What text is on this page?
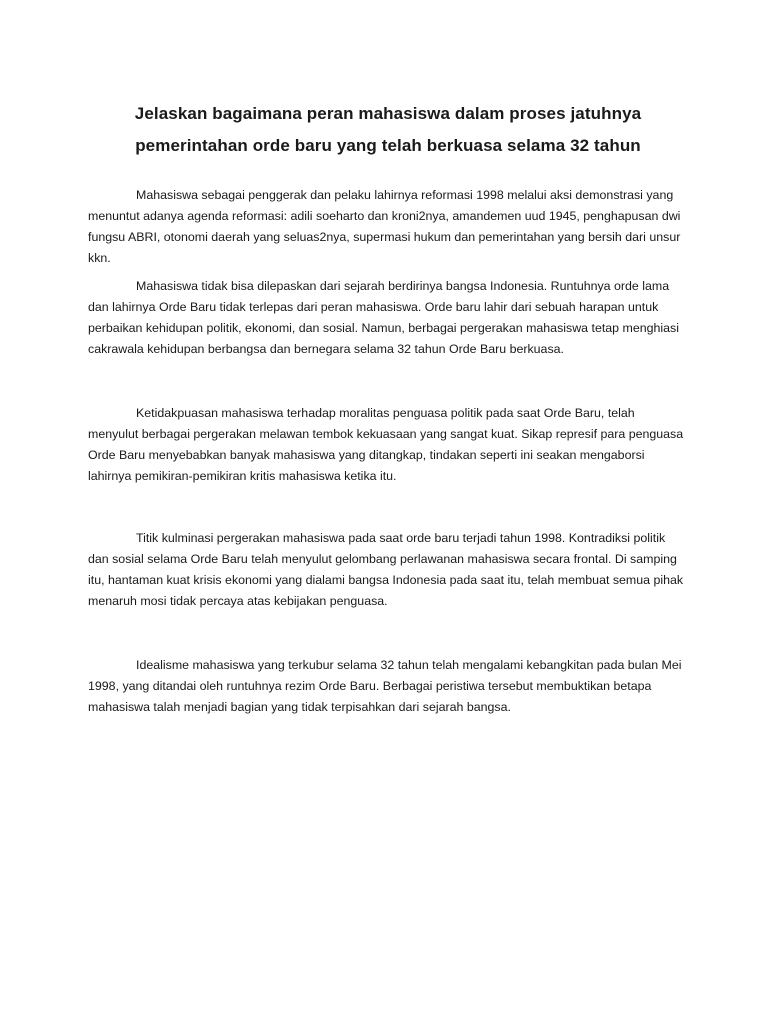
Jelaskan bagaimana peran mahasiswa dalam proses jatuhnya pemerintahan orde baru yang telah berkuasa selama 32 tahun

Mahasiswa sebagai penggerak dan pelaku lahirnya reformasi 1998 melalui aksi demonstrasi yang menuntut adanya agenda reformasi: adili soeharto dan kroni2nya, amandemen uud 1945, penghapusan dwi fungsu ABRI, otonomi daerah yang seluas2nya, supermasi hukum dan pemerintahan yang bersih dari unsur kkn.

Mahasiswa tidak bisa dilepaskan dari sejarah berdirinya bangsa Indonesia. Runtuhnya orde lama dan lahirnya Orde Baru tidak terlepas dari peran mahasiswa. Orde baru lahir dari sebuah harapan untuk perbaikan kehidupan politik, ekonomi, dan sosial. Namun, berbagai pergerakan mahasiswa tetap menghiasi cakrawala kehidupan berbangsa dan bernegara selama 32 tahun Orde Baru berkuasa.

Ketidakpuasan mahasiswa terhadap moralitas penguasa politik pada saat Orde Baru, telah menyulut berbagai pergerakan melawan tembok kekuasaan yang sangat kuat. Sikap represif para penguasa Orde Baru menyebabkan banyak mahasiswa yang ditangkap, tindakan seperti ini seakan mengaborsi lahirnya pemikiran-pemikiran kritis mahasiswa ketika itu.

Titik kulminasi pergerakan mahasiswa pada saat orde baru terjadi tahun 1998. Kontradiksi politik dan sosial selama Orde Baru telah menyulut gelombang perlawanan mahasiswa secara frontal. Di samping itu, hantaman kuat krisis ekonomi yang dialami bangsa Indonesia pada saat itu, telah membuat semua pihak menaruh mosi tidak percaya atas kebijakan penguasa.

Idealisme mahasiswa yang terkubur selama 32 tahun telah mengalami kebangkitan pada bulan Mei 1998, yang ditandai oleh runtuhnya rezim Orde Baru. Berbagai peristiwa tersebut membuktikan betapa mahasiswa talah menjadi bagian yang tidak terpisahkan dari sejarah bangsa.
